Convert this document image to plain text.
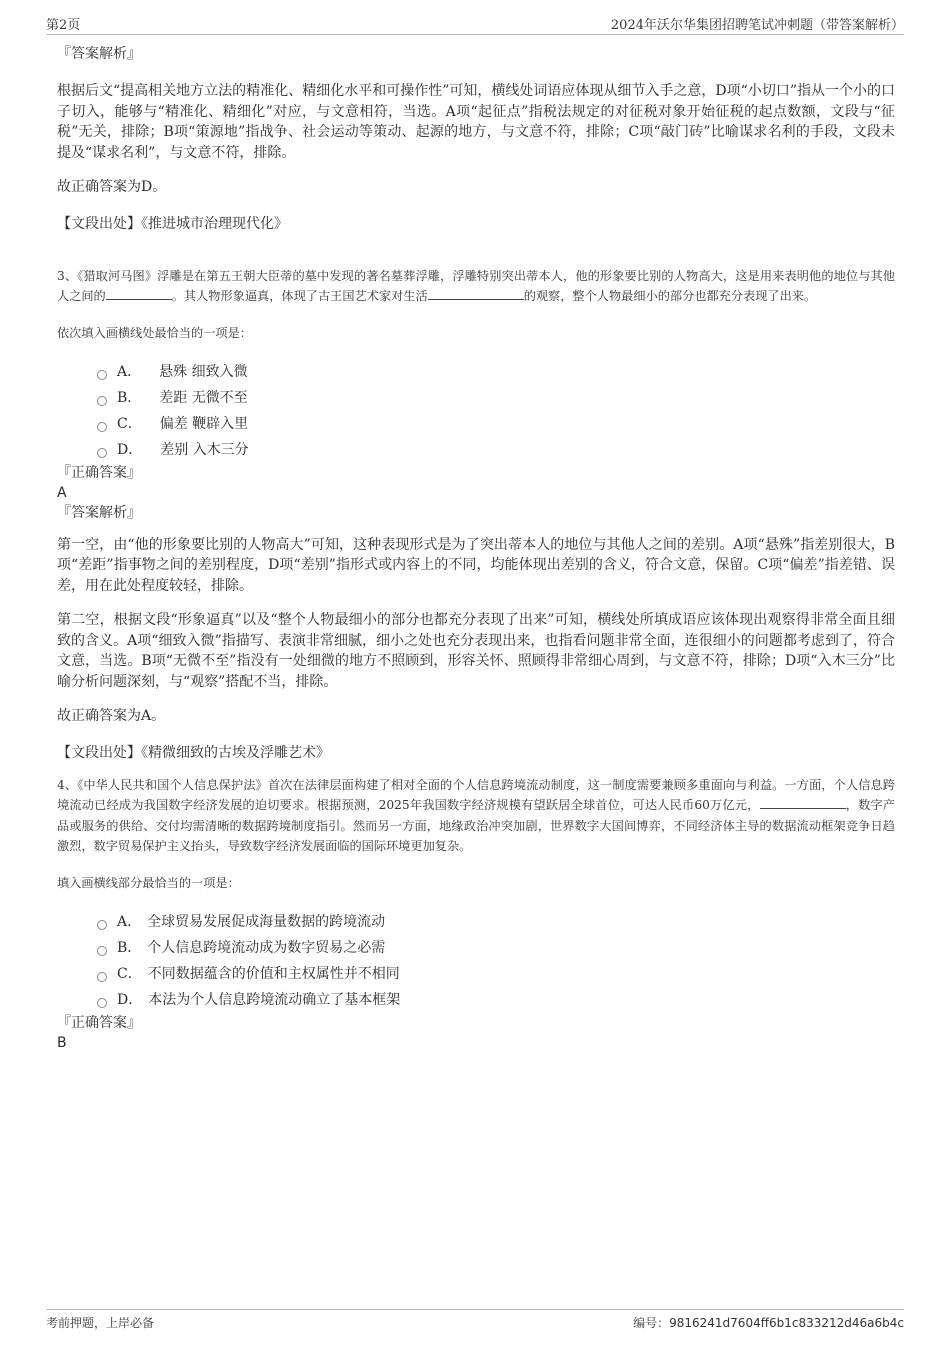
第2页	2024年沃尔华集团招聘笔试冲刺题（带答案解析）

『答案解析』

根据后文“提高相关地方立法的精准化、精细化水平和可操作性”可知，横线处词语应体现从细节入手之意，D项“小切口”指从一个小的口子切入，能够与“精准化、精细化”对应，与文意相符，当选。A项“起征点”指税法规定的对征税对象开始征税的起点数额，文段与“征税”无关，排除；B项“策源地”指战争、社会运动等策动、起源的地方，与文意不符，排除；C项“敲门砖”比喻谋求名利的手段，文段未提及“谋求名利”，与文意不符，排除。

故正确答案为D。

【文段出处】《推进城市治理现代化》

3、《猎取河马图》浮雕是在第五王朝大臣蒂的墓中发现的著名墓葬浮雕，浮雕特别突出蒂本人，他的形象要比别的人物高大，这是用来表明他的地位与其他人之间的	。其人物形象逼真，体现了古王国艺术家对生活	的观察，整个人物最细小的部分也都充分表现了出来。

依次填入画横线处最恰当的一项是：

A． 悬殊 细致入微
B． 差距 无微不至
C． 偏差 鞭辟入里
D． 差别 入木三分

『正确答案』

A

『答案解析』

第一空，由“他的形象要比别的人物高大”可知，这种表现形式是为了突出蒂本人的地位与其他人之间的差别。A项“悬殊”指差别很大，B项“差距”指事物之间的差别程度，D项“差别”指形式或内容上的不同，均能体现出差别的含义，符合文意，保留。C项“偏差”指差错、误差，用在此处程度较轻，排除。

第二空，根据文段“形象逼真”以及“整个人物最细小的部分也都充分表现了出来”可知，横线处所填成语应该体现出观察得非常全面且细致的含义。A项“细致入微”指描写、表演非常细腻，细小之处也充分表现出来，也指看问题非常全面，连很细小的问题都考虑到了，符合文意，当选。B项“无微不至”指没有一处细微的地方不照顾到，形容关怀、照顾得非常细心周到，与文意不符，排除；D项“入木三分”比喻分析问题深刻，与“观察”搭配不当，排除。

故正确答案为A。

【文段出处】《精微细致的古埃及浮雕艺术》

4、《中华人民共和国个人信息保护法》首次在法律层面构建了相对全面的个人信息跨境流动制度，这一制度需要兼顾多重面向与利益。一方面，个人信息跨境流动已经成为我国数字经济发展的迫切要求。根据预测，2025年我国数字经济规模有望跃居全球首位，可达人民币60万亿元，	，数字产品或服务的供给、交付均需清晰的数据跨境制度指引。然而另一方面，地缘政治冲突加剧，世界数字大国间博弈，不同经济体主导的数据流动框架竞争日趋激烈，数字贸易保护主义抬头，导致数字经济发展面临的国际环境更加复杂。

填入画横线部分最恰当的一项是：

A． 全球贸易发展促成海量数据的跨境流动
B． 个人信息跨境流动成为数字贸易之必需
C． 不同数据蕴含的价值和主权属性并不相同
D． 本法为个人信息跨境流动确立了基本框架

『正确答案』

B

考前押题，上岸必备	编号：9816241d7604ff6b1c833212d46a6b4c
